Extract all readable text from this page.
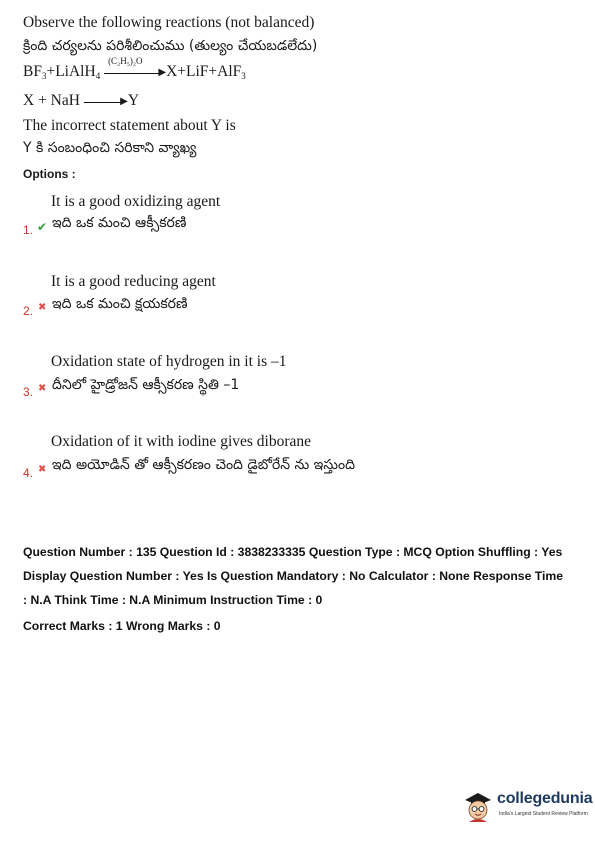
Observe the following reactions (not balanced)
క్రింది చర్యలను పరిశీలించుము (తుల్యం చేయబడలేదు)
$BF_3+LiAlH_4$
(C₂H₅)₂O
▶ X+LiF+AlF$_3$
X + NaH	▶ Y
The incorrect statement about Y is
Y కి సంబంధించి సరికాని వ్యాఖ్య
Options :
It is a good oxidizing agent
1. ✔ ఇది ఒక మంచి ఆక్సీకరణి
It is a good reducing agent
2. ✖ ఇది ఒక మంచి క్షయకరణి
Oxidation state of hydrogen in it is –1
3. ✖ దీనిలో హైడ్రోజన్ ఆక్సీకరణ స్థితి –1
Oxidation of it with iodine gives diborane
4. ✖ ఇది అయోడిన్ తో ఆక్సీకరణం చెంది డైబోరేన్ ను ఇస్తుంది
Question Number : 135 Question Id : 3838233335 Question Type : MCQ Option Shuffling : Yes
Display Question Number : Yes Is Question Mandatory : No Calculator : None Response Time
: N.A Think Time : N.A Minimum Instruction Time : 0
Correct Marks : 1 Wrong Marks : 0
collegedunia
India's Largest Student Review Platform
